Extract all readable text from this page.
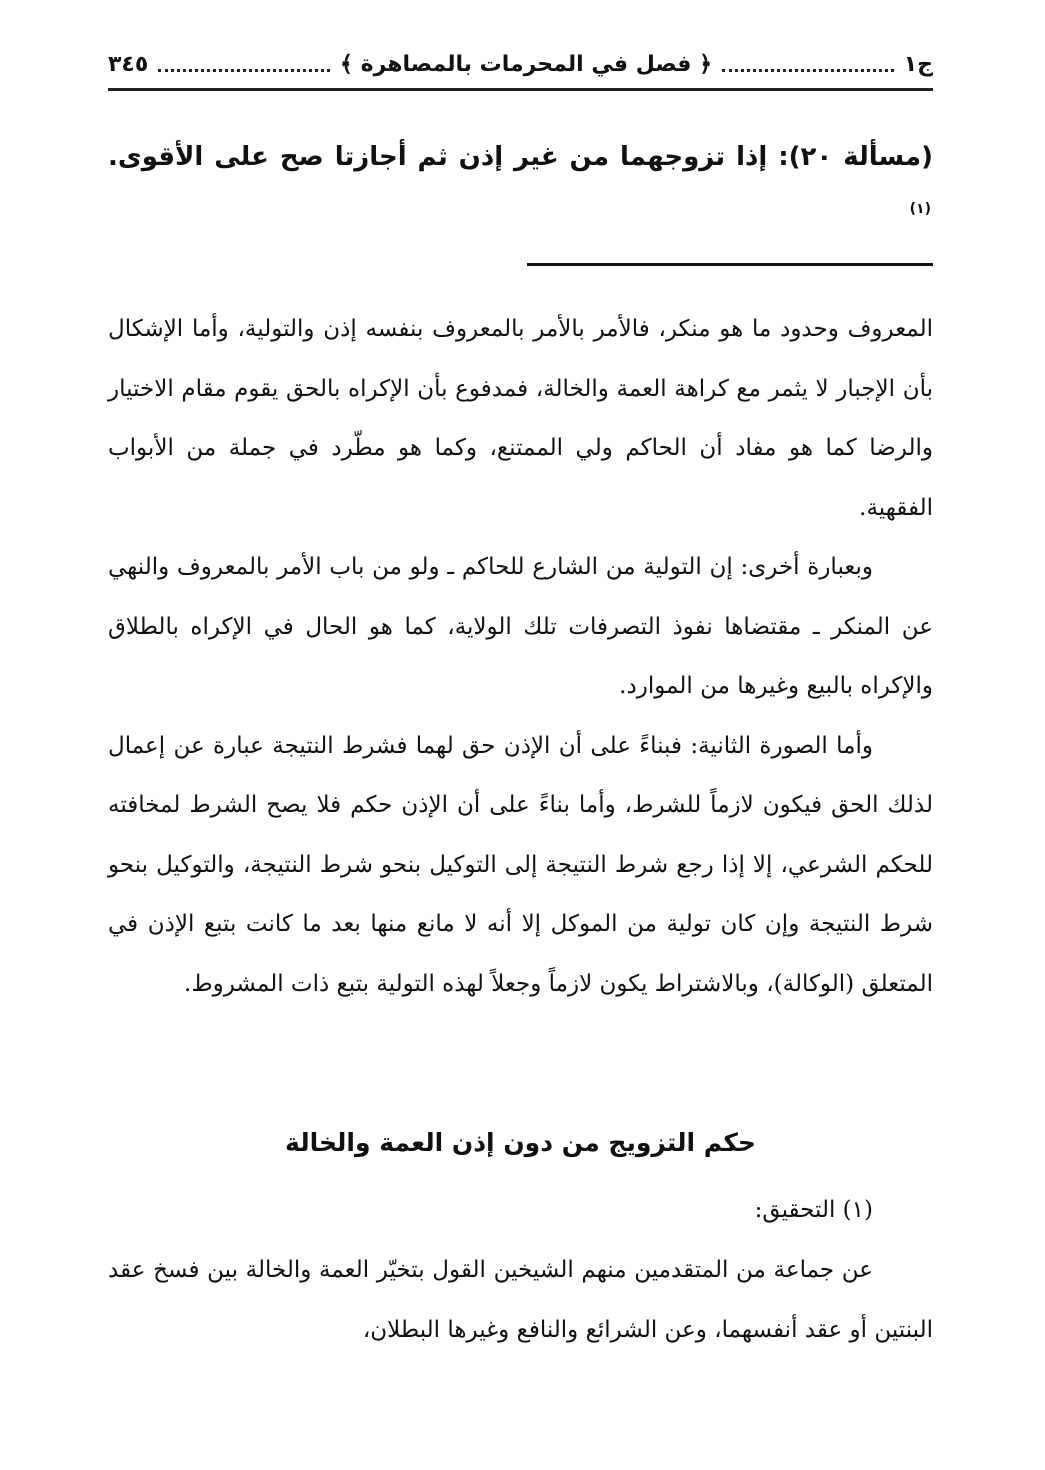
ج١
﴿ فصل في المحرمات بالمصاهرة ﴾
٣٤٥
(مسألة ٢٠): إذا تزوجهما من غير إذن ثم أجازتا صح على الأقوى.$^{(١)}$

المعروف وحدود ما هو منكر، فالأمر بالأمر بالمعروف بنفسه إذن والتولية، وأما الإشكال بأن الإجبار لا يثمر مع كراهة العمة والخالة، فمدفوع بأن الإكراه بالحق يقوم مقام الاختيار والرضا كما هو مفاد أن الحاكم ولي الممتنع، وكما هو مطّرد في جملة من الأبواب الفقهية.

وبعبارة أخرى: إن التولية من الشارع للحاكم ـ ولو من باب الأمر بالمعروف والنهي عن المنكر ـ مقتضاها نفوذ التصرفات تلك الولاية، كما هو الحال في الإكراه بالطلاق والإكراه بالبيع وغيرها من الموارد.

وأما الصورة الثانية: فبناءً على أن الإذن حق لهما فشرط النتيجة عبارة عن إعمال لذلك الحق فيكون لازماً للشرط، وأما بناءً على أن الإذن حكم فلا يصح الشرط لمخافته للحكم الشرعي، إلا إذا رجع شرط النتيجة إلى التوكيل بنحو شرط النتيجة، والتوكيل بنحو شرط النتيجة وإن كان تولية من الموكل إلا أنه لا مانع منها بعد ما كانت بتبع الإذن في المتعلق (الوكالة)، وبالاشتراط يكون لازماً وجعلاً لهذه التولية بتبع ذات المشروط.

حكم التزويج من دون إذن العمة والخالة

(١) التحقيق:

عن جماعة من المتقدمين منهم الشيخين القول بتخيّر العمة والخالة بين فسخ عقد البنتين أو عقد أنفسهما، وعن الشرائع والنافع وغيرها البطلان،
